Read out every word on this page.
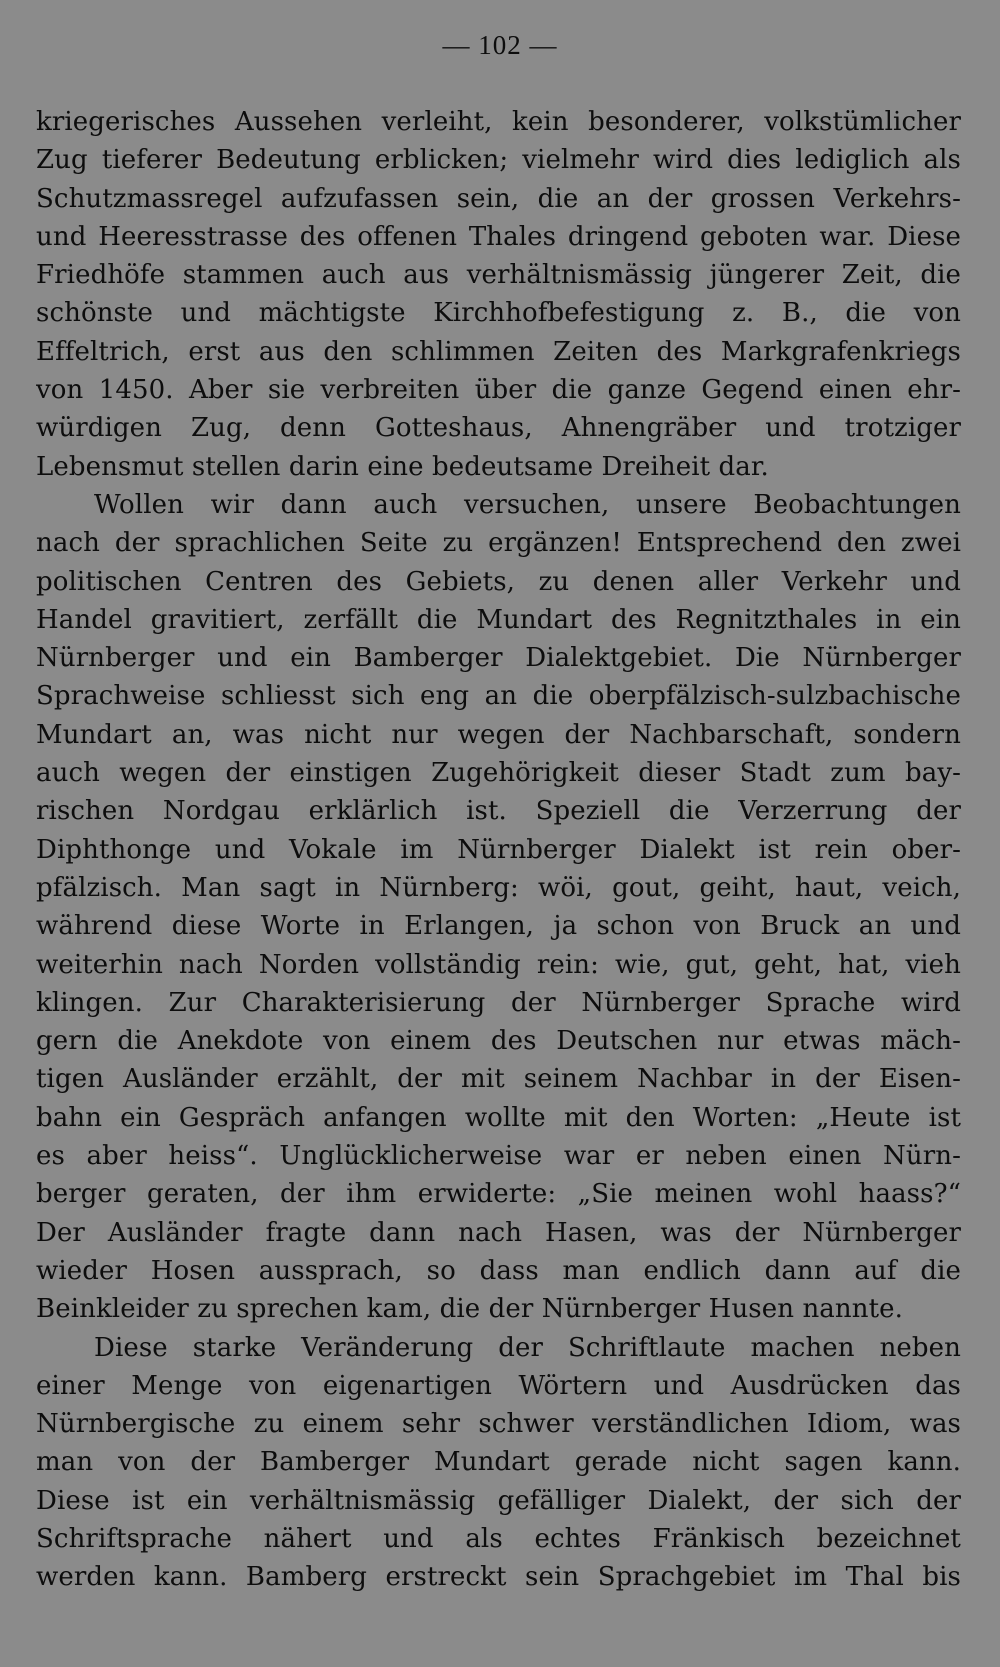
— 102 —
kriegerisches Aussehen verleiht, kein besonderer, volkstümlicher
Zug tieferer Bedeutung erblicken; vielmehr wird dies lediglich als
Schutzmassregel aufzufassen sein, die an der grossen Verkehrs-
und Heeresstrasse des offenen Thales dringend geboten war. Diese
Friedhöfe stammen auch aus verhältnismässig jüngerer Zeit, die
schönste und mächtigste Kirchhofbefestigung z. B., die von
Effeltrich, erst aus den schlimmen Zeiten des Markgrafenkriegs
von 1450. Aber sie verbreiten über die ganze Gegend einen ehr-
würdigen Zug, denn Gotteshaus, Ahnengräber und trotziger
Lebensmut stellen darin eine bedeutsame Dreiheit dar.
Wollen wir dann auch versuchen, unsere Beobachtungen
nach der sprachlichen Seite zu ergänzen! Entsprechend den zwei
politischen Centren des Gebiets, zu denen aller Verkehr und
Handel gravitiert, zerfällt die Mundart des Regnitzthales in ein
Nürnberger und ein Bamberger Dialektgebiet. Die Nürnberger
Sprachweise schliesst sich eng an die oberpfälzisch-sulzbachische
Mundart an, was nicht nur wegen der Nachbarschaft, sondern
auch wegen der einstigen Zugehörigkeit dieser Stadt zum bay-
rischen Nordgau erklärlich ist. Speziell die Verzerrung der
Diphthonge und Vokale im Nürnberger Dialekt ist rein ober-
pfälzisch. Man sagt in Nürnberg: wöi, gout, geiht, haut, veich,
während diese Worte in Erlangen, ja schon von Bruck an und
weiterhin nach Norden vollständig rein: wie, gut, geht, hat, vieh
klingen. Zur Charakterisierung der Nürnberger Sprache wird
gern die Anekdote von einem des Deutschen nur etwas mäch-
tigen Ausländer erzählt, der mit seinem Nachbar in der Eisen-
bahn ein Gespräch anfangen wollte mit den Worten: „Heute ist
es aber heiss“. Unglücklicherweise war er neben einen Nürn-
berger geraten, der ihm erwiderte: „Sie meinen wohl haass?“
Der Ausländer fragte dann nach Hasen, was der Nürnberger
wieder Hosen aussprach, so dass man endlich dann auf die
Beinkleider zu sprechen kam, die der Nürnberger Husen nannte.
Diese starke Veränderung der Schriftlaute machen neben
einer Menge von eigenartigen Wörtern und Ausdrücken das
Nürnbergische zu einem sehr schwer verständlichen Idiom, was
man von der Bamberger Mundart gerade nicht sagen kann.
Diese ist ein verhältnismässig gefälliger Dialekt, der sich der
Schriftsprache nähert und als echtes Fränkisch bezeichnet
werden kann. Bamberg erstreckt sein Sprachgebiet im Thal bis
